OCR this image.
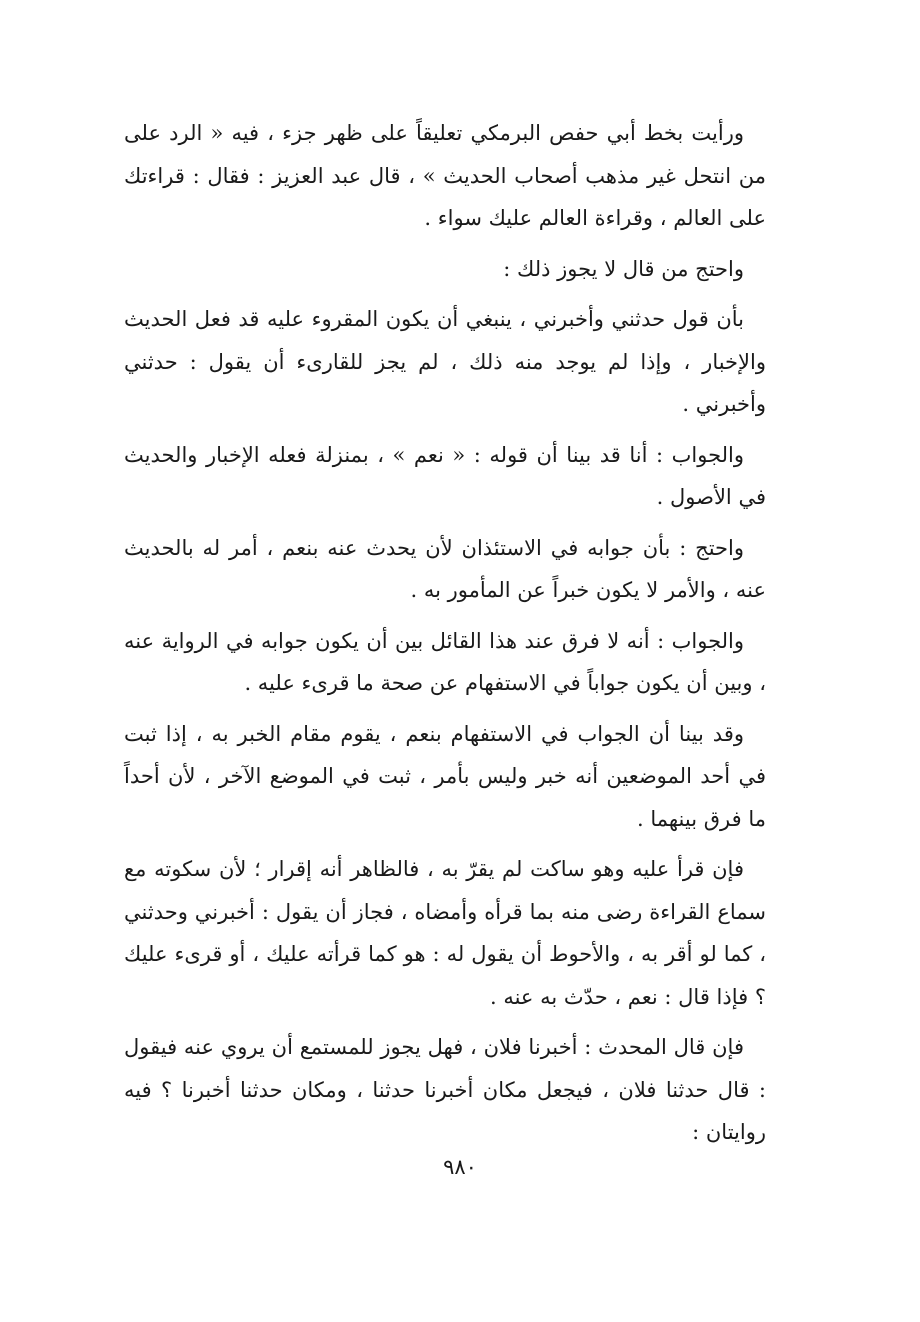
ورأيت بخط أبي حفص البرمكي تعليقاً على ظهر جزء ، فيه « الرد على من انتحل غير مذهب أصحاب الحديث » ، قال عبد العزيز : فقال : قراءتك على العالم ، وقراءة العالم عليك سواء .

واحتج من قال لا يجوز ذلك :

بأن قول حدثني وأخبرني ، ينبغي أن يكون المقروء عليه قد فعل الحديث والإخبار ، وإذا لم يوجد منه ذلك ، لم يجز للقارىء أن يقول : حدثني وأخبرني .

والجواب : أنا قد بينا أن قوله : « نعم » ، بمنزلة فعله الإخبار والحديث في الأصول .

واحتج : بأن جوابه في الاستئذان لأن يحدث عنه بنعم ، أمر له بالحديث عنه ، والأمر لا يكون خبراً عن المأمور به .

والجواب : أنه لا فرق عند هذا القائل بين أن يكون جوابه في الرواية عنه ، وبين أن يكون جواباً في الاستفهام عن صحة ما قرىء عليه .

وقد بينا أن الجواب في الاستفهام بنعم ، يقوم مقام الخبر به ، إذا ثبت في أحد الموضعين أنه خبر وليس بأمر ، ثبت في الموضع الآخر ، لأن أحداً ما فرق بينهما .

فإن قرأ عليه وهو ساكت لم يقرّ به ، فالظاهر أنه إقرار ؛ لأن سكوته مع سماع القراءة رضى منه بما قرأه وأمضاه ، فجاز أن يقول : أخبرني وحدثني ، كما لو أقر به ، والأحوط أن يقول له : هو كما قرأته عليك ، أو قرىء عليك ؟ فإذا قال : نعم ، حدّث به عنه .

فإن قال المحدث : أخبرنا فلان ، فهل يجوز للمستمع أن يروي عنه فيقول : قال حدثنا فلان ، فيجعل مكان أخبرنا حدثنا ، ومكان حدثنا أخبرنا ؟ فيه روايتان :

٩٨٠
